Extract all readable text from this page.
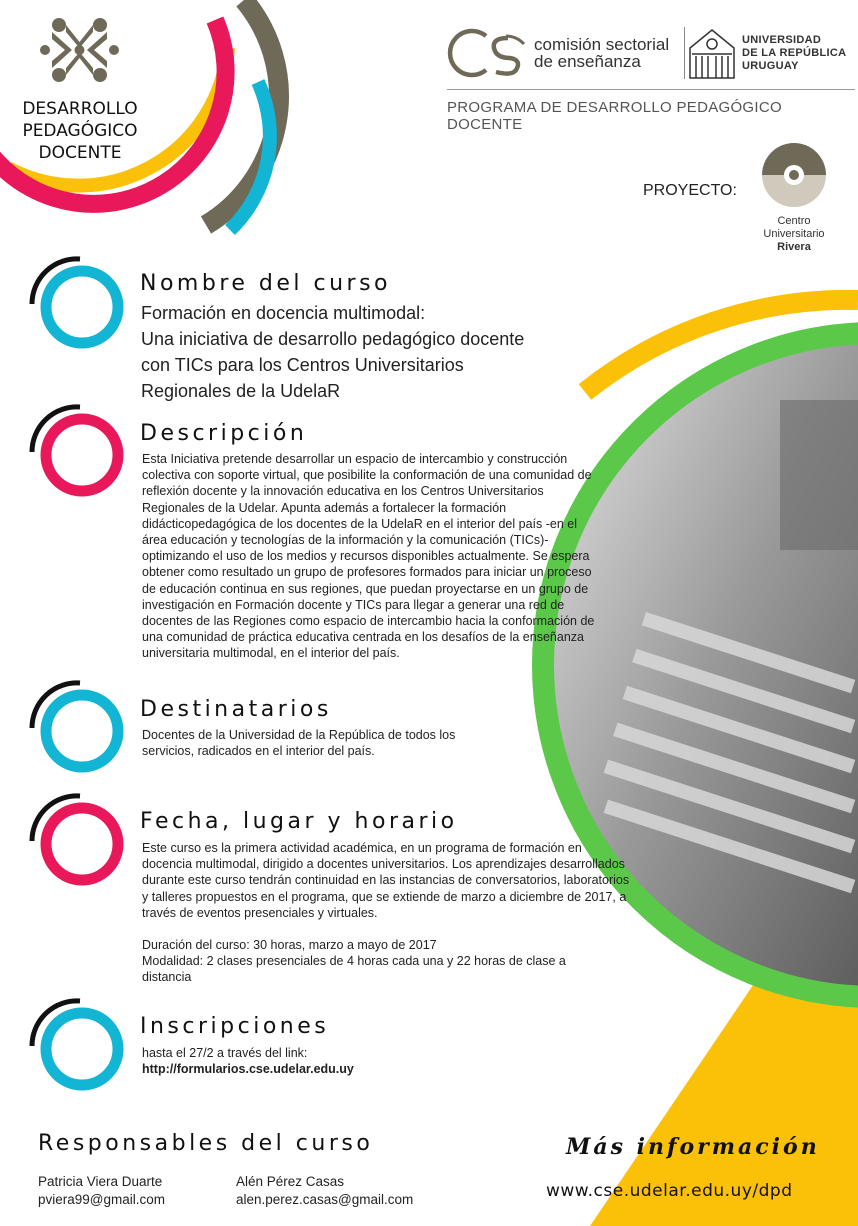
DESARROLLO
PEDAGÓGICO
DOCENTE
comisión sectorial
de enseñanza
UNIVERSIDAD
DE LA REPÚBLICA
URUGUAY
PROGRAMA DE DESARROLLO PEDAGÓGICO DOCENTE
PROYECTO:
Centro
Universitario
Rivera
Nombre del curso
Formación en docencia multimodal:
Una iniciativa de desarrollo pedagógico docente
con TICs para los Centros Universitarios
Regionales de la UdelaR
Descripción
Esta Iniciativa pretende desarrollar un espacio de intercambio y construcción colectiva con soporte virtual, que posibilite la conformación de una comunidad de reflexión docente y la innovación educativa en los Centros Universitarios Regionales de la Udelar. Apunta además a fortalecer la formación didácticopedagógica de los docentes de la UdelaR en el interior del país -en el área educación y tecnologías de la información y la comunicación (TICs)- optimizando el uso de los medios y recursos disponibles actualmente. Se espera obtener como resultado un grupo de profesores formados para iniciar un proceso de educación continua en sus regiones, que puedan proyectarse en un grupo de investigación en Formación docente y TICs para llegar a generar una red de docentes de las Regiones como espacio de intercambio hacia la conformación de una comunidad de práctica educativa centrada en los desafíos de la enseñanza universitaria multimodal, en el interior del país.
Destinatarios
Docentes de la Universidad de la República de todos los servicios, radicados en el interior del país.
Fecha, lugar y horario

Este curso es la primera actividad académica, en un programa de formación en docencia multimodal, dirigido a docentes universitarios. Los aprendizajes desarrollados durante este curso tendrán continuidad en las instancias de conversatorios, laboratorios y talleres propuestos en el programa, que se extiende de marzo a diciembre de 2017, a través de eventos presenciales y virtuales.

Duración del curso: 30 horas, marzo a mayo de 2017

Modalidad: 2 clases presenciales de 4 horas cada una y 22 horas de clase a distancia

Inscripciones

hasta el 27/2 a través del link:

http://formularios.cse.udelar.edu.uy

Responsables del curso
Patricia Viera Duarte
pviera99@gmail.com
Alén Pérez Casas
alen.perez.casas@gmail.com
Más información
www.cse.udelar.edu.uy/dpd
